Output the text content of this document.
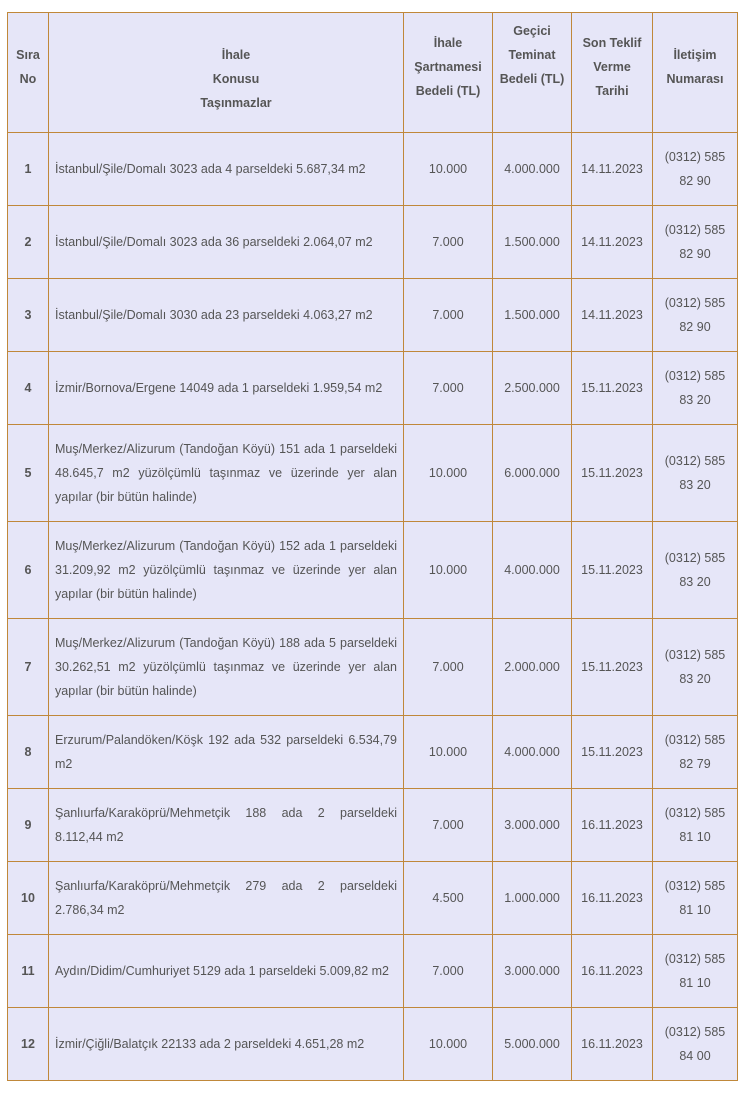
Sıra No	İhale Konusu Taşınmazlar	İhale Şartnamesi Bedeli (TL)	Geçici Teminat Bedeli (TL)	Son Teklif Verme Tarihi	İletişim Numarası
1	İstanbul/Şile/Domalı 3023 ada 4 parseldeki 5.687,34 m2	10.000	4.000.000	14.11.2023	(0312) 585 82 90
2	İstanbul/Şile/Domalı 3023 ada 36 parseldeki 2.064,07 m2	7.000	1.500.000	14.11.2023	(0312) 585 82 90
3	İstanbul/Şile/Domalı 3030 ada 23 parseldeki 4.063,27 m2	7.000	1.500.000	14.11.2023	(0312) 585 82 90
4	İzmir/Bornova/Ergene 14049 ada 1 parseldeki 1.959,54 m2	7.000	2.500.000	15.11.2023	(0312) 585 83 20
5	Muş/Merkez/Alizurum (Tandoğan Köyü) 151 ada 1 parseldeki 48.645,7 m2 yüzölçümlü taşınmaz ve üzerinde yer alan yapılar (bir bütün halinde)	10.000	6.000.000	15.11.2023	(0312) 585 83 20
6	Muş/Merkez/Alizurum (Tandoğan Köyü) 152 ada 1 parseldeki 31.209,92 m2 yüzölçümlü taşınmaz ve üzerinde yer alan yapılar (bir bütün halinde)	10.000	4.000.000	15.11.2023	(0312) 585 83 20
7	Muş/Merkez/Alizurum (Tandoğan Köyü) 188 ada 5 parseldeki 30.262,51 m2 yüzölçümlü taşınmaz ve üzerinde yer alan yapılar (bir bütün halinde)	7.000	2.000.000	15.11.2023	(0312) 585 83 20
8	Erzurum/Palandöken/Köşk 192 ada 532 parseldeki 6.534,79 m2	10.000	4.000.000	15.11.2023	(0312) 585 82 79
9	Şanlıurfa/Karaköprü/Mehmetçik 188 ada 2 parseldeki 8.112,44 m2	7.000	3.000.000	16.11.2023	(0312) 585 81 10
10	Şanlıurfa/Karaköprü/Mehmetçik 279 ada 2 parseldeki 2.786,34 m2	4.500	1.000.000	16.11.2023	(0312) 585 81 10
11	Aydın/Didim/Cumhuriyet 5129 ada 1 parseldeki 5.009,82 m2	7.000	3.000.000	16.11.2023	(0312) 585 81 10
12	İzmir/Çiğli/Balatçık 22133 ada 2 parseldeki 4.651,28 m2	10.000	5.000.000	16.11.2023	(0312) 585 84 00
